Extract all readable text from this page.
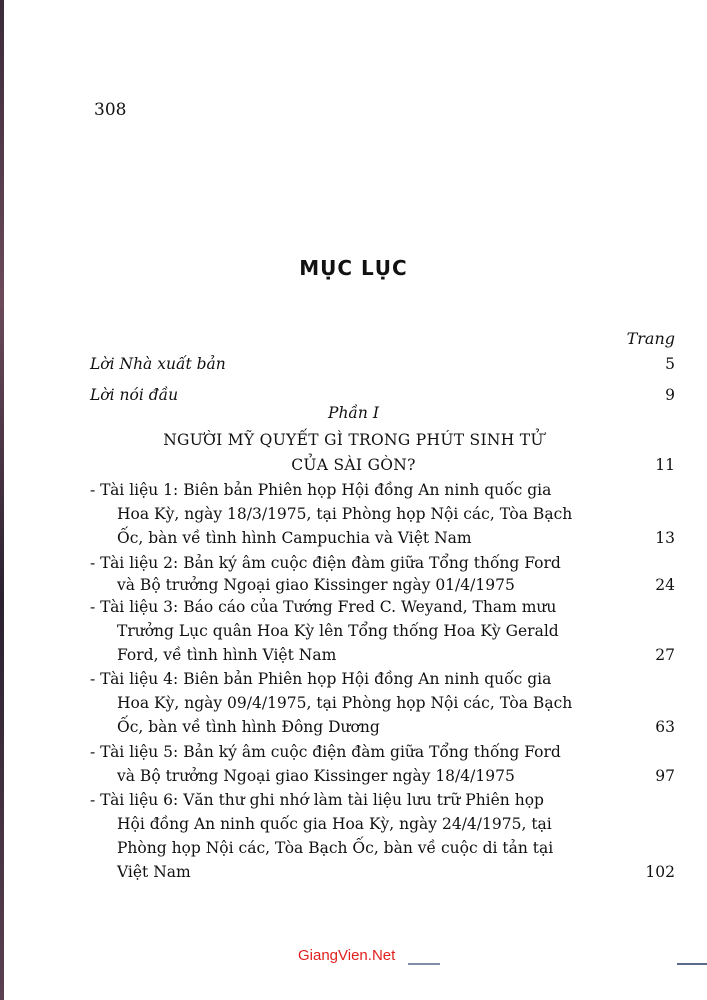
308
MỤC LỤC
Trang
Lời Nhà xuất bản	5
Lời nói đầu	9
Phần I
NGƯỜI MỸ QUYẾT GÌ TRONG PHÚT SINH TỬ
CỦA SÀI GÒN?	11
- Tài liệu 1: Biên bản Phiên họp Hội đồng An ninh quốc gia
Hoa Kỳ, ngày 18/3/1975, tại Phòng họp Nội các, Tòa Bạch
Ốc, bàn về tình hình Campuchia và Việt Nam	13
- Tài liệu 2: Bản ký âm cuộc điện đàm giữa Tổng thống Ford
và Bộ trưởng Ngoại giao Kissinger ngày 01/4/1975	24
- Tài liệu 3: Báo cáo của Tướng Fred C. Weyand, Tham mưu
Trưởng Lục quân Hoa Kỳ lên Tổng thống Hoa Kỳ Gerald
Ford, về tình hình Việt Nam	27
- Tài liệu 4: Biên bản Phiên họp Hội đồng An ninh quốc gia
Hoa Kỳ, ngày 09/4/1975, tại Phòng họp Nội các, Tòa Bạch
Ốc, bàn về tình hình Đông Dương	63
- Tài liệu 5: Bản ký âm cuộc điện đàm giữa Tổng thống Ford
và Bộ trưởng Ngoại giao Kissinger ngày 18/4/1975	97
- Tài liệu 6: Văn thư ghi nhớ làm tài liệu lưu trữ Phiên họp
Hội đồng An ninh quốc gia Hoa Kỳ, ngày 24/4/1975, tại
Phòng họp Nội các, Tòa Bạch Ốc, bàn về cuộc di tản tại
Việt Nam	102
GiangVien.Net
